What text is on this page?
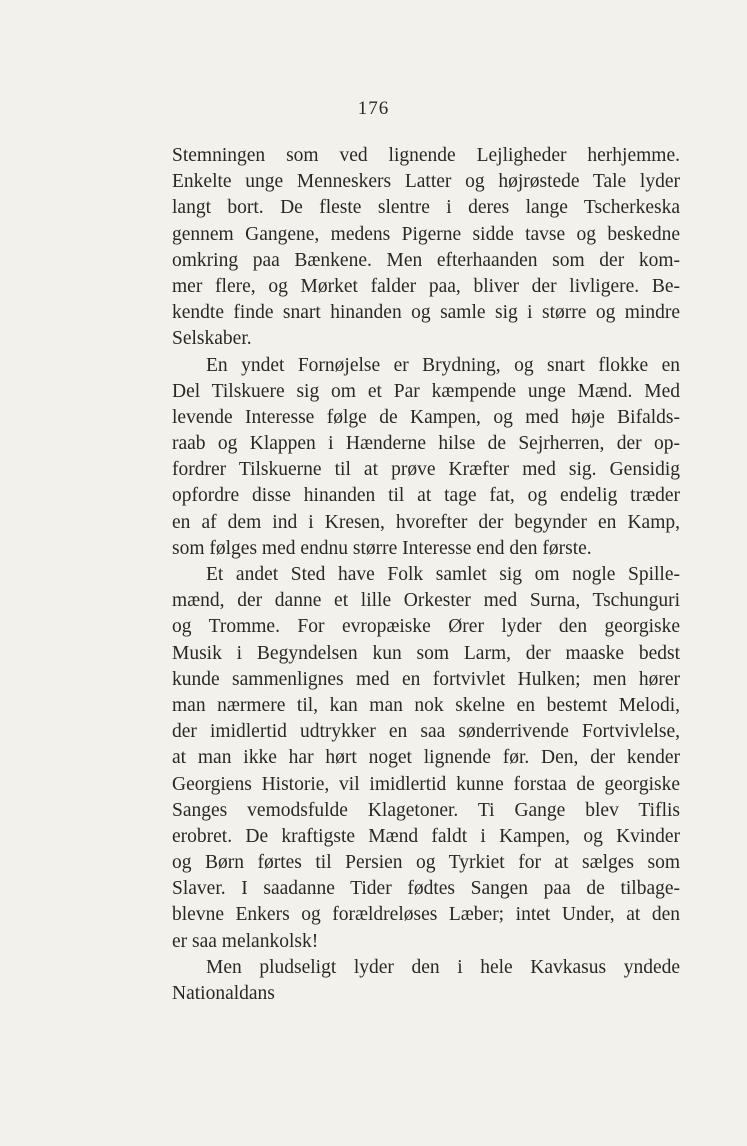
176
Stemningen som ved lignende Lejligheder herhjemme.
Enkelte unge Menneskers Latter og højrøstede Tale lyder
langt bort. De fleste slentre i deres lange Tscherkeska
gennem Gangene, medens Pigerne sidde tavse og beskedne
omkring paa Bænkene. Men efterhaanden som der kom-
mer flere, og Mørket falder paa, bliver der livligere. Be-
kendte finde snart hinanden og samle sig i større og mindre
Selskaber.
En yndet Fornøjelse er Brydning, og snart flokke en
Del Tilskuere sig om et Par kæmpende unge Mænd. Med
levende Interesse følge de Kampen, og med høje Bifalds-
raab og Klappen i Hænderne hilse de Sejrherren, der op-
fordrer Tilskuerne til at prøve Kræfter med sig. Gensidig
opfordre disse hinanden til at tage fat, og endelig træder
en af dem ind i Kresen, hvorefter der begynder en Kamp,
som følges med endnu større Interesse end den første.
Et andet Sted have Folk samlet sig om nogle Spille-
mænd, der danne et lille Orkester med Surna, Tschunguri
og Tromme. For evropæiske Ører lyder den georgiske
Musik i Begyndelsen kun som Larm, der maaske bedst
kunde sammenlignes med en fortvivlet Hulken; men hører
man nærmere til, kan man nok skelne en bestemt Melodi,
der imidlertid udtrykker en saa sønderrivende Fortvivlelse,
at man ikke har hørt noget lignende før. Den, der kender
Georgiens Historie, vil imidlertid kunne forstaa de georgiske
Sanges vemodsfulde Klagetoner. Ti Gange blev Tiflis
erobret. De kraftigste Mænd faldt i Kampen, og Kvinder
og Børn førtes til Persien og Tyrkiet for at sælges som
Slaver. I saadanne Tider fødtes Sangen paa de tilbage-
blevne Enkers og forældreløses Læber; intet Under, at den
er saa melankolsk!
Men pludseligt lyder den i hele Kavkasus yndede
Nationaldans
